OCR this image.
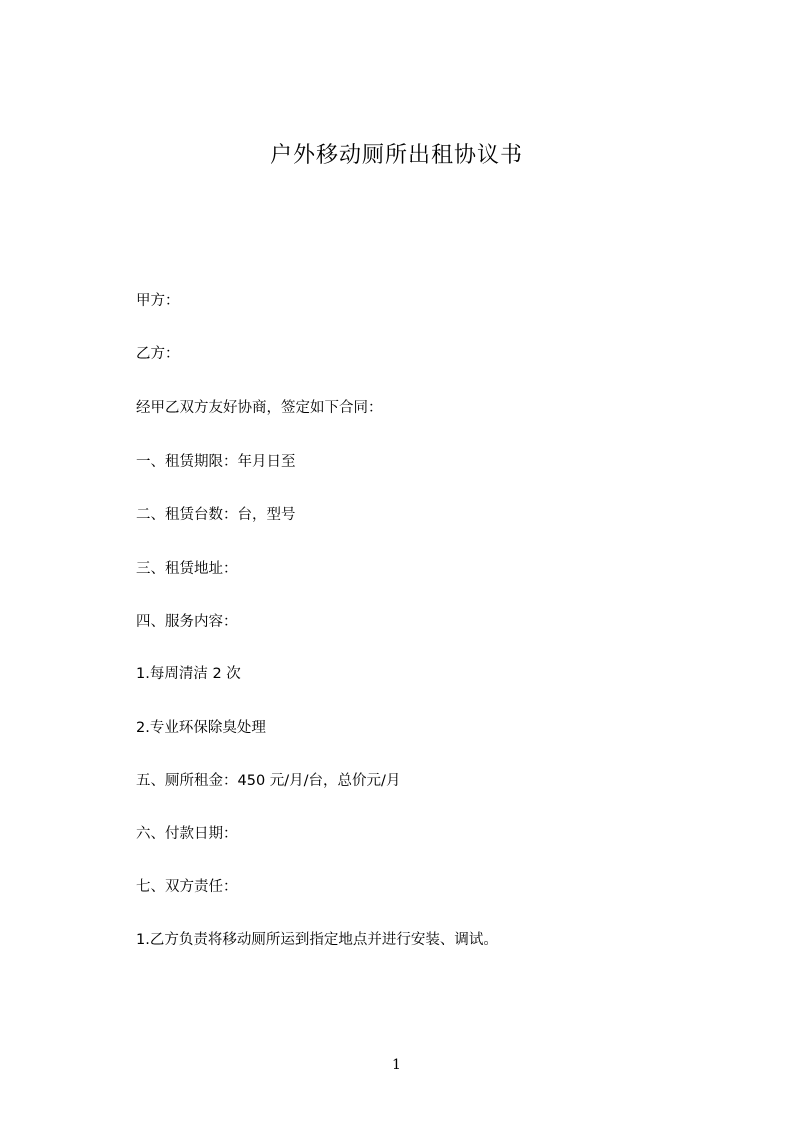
户外移动厕所出租协议书
甲方：
乙方：
经甲乙双方友好协商，签定如下合同：
一、租赁期限：年月日至
二、租赁台数：台，型号
三、租赁地址：
四、服务内容：
1.每周清洁 2 次
2.专业环保除臭处理
五、厕所租金：450 元/月/台，总价元/月
六、付款日期：
七、双方责任：
1.乙方负责将移动厕所运到指定地点并进行安装、调试。
1
